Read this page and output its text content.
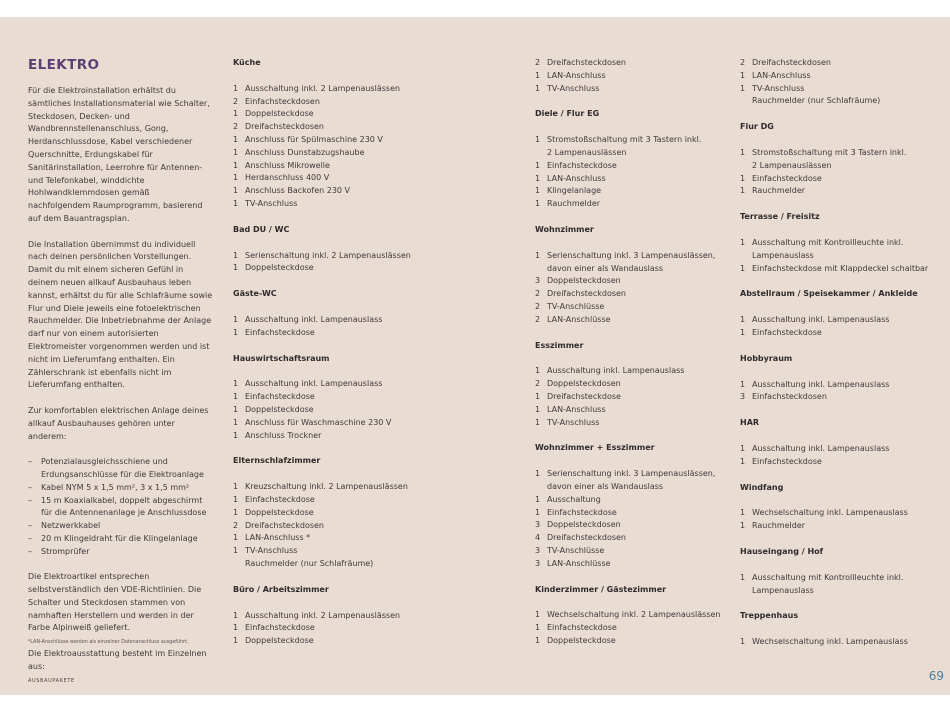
ELEKTRO

Für die Elektroinstallation erhältst du sämtliches Installationsmaterial wie Schalter, Steckdosen, Decken- und Wandbrennstellenanschluss, Gong, Herdanschlussdose, Kabel verschiedener Querschnitte, Erdungskabel für Sanitärinstallation, Leerrohre für Antennen- und Telefonkabel, winddichte Hohlwandklemmdosen gemäß nachfolgendem Raumprogramm, basierend auf dem Bauantragsplan.

Die Installation übernimmst du individuell nach deinen persönlichen Vorstellungen. Damit du mit einem sicheren Gefühl in deinem neuen allkauf Ausbauhaus leben kannst, erhältst du für alle Schlafräume sowie Flur und Diele jeweils eine fotoelektrischen Rauchmelder. Die Inbetriebnahme der Anlage darf nur von einem autorisierten Elektromeister vorgenommen werden und ist nicht im Lieferumfang enthalten. Ein Zählerschrank ist ebenfalls nicht im Lieferumfang enthalten.

Zur komfortablen elektrischen Anlage deines allkauf Ausbauhauses gehören unter anderem:

–	Potenzialausgleichsschiene und Erdungsanschlüsse für die Elektroanlage
–	Kabel NYM 5 x 1,5 mm², 3 x 1,5 mm²
–	15 m Koaxialkabel, doppelt abgeschirmt für die Antennenanlage je Anschlussdose
–	Netzwerkkabel
–	20 m Klingeldraht für die Klingelanlage
–	Stromprüfer

Die Elektroartikel entsprechen selbstverständlich den VDE-Richtlinien. Die Schalter und Steckdosen stammen von namhaften Herstellern und werden in der Farbe Alpinweiß geliefert.

Die Elektroausstattung besteht im Einzelnen aus:

Küche
1 Ausschaltung inkl. 2 Lampenauslässen
2 Einfachsteckdosen
1 Doppelsteckdose
2 Dreifachsteckdosen
1 Anschluss für Spülmaschine 230 V
1 Anschluss Dunstabzugshaube
1 Anschluss Mikrowelle
1 Herdanschluss 400 V
1 Anschluss Backofen 230 V
1 TV-Anschluss
Bad DU / WC
1 Serienschaltung inkl. 2 Lampenauslässen
1 Doppelsteckdose
Gäste-WC
1 Ausschaltung inkl. Lampenauslass
1 Einfachsteckdose
Hauswirtschaftsraum
1 Ausschaltung inkl. Lampenauslass
1 Einfachsteckdose
1 Doppelsteckdose
1 Anschluss für Waschmaschine 230 V
1 Anschluss Trockner
Elternschlafzimmer
1 Kreuzschaltung inkl. 2 Lampenauslässen
1 Einfachsteckdose
1 Doppelsteckdose
2 Dreifachsteckdosen
1 LAN-Anschluss *
1 TV-Anschluss
Rauchmelder (nur Schlafräume)
Büro / Arbeitszimmer
1 Ausschaltung inkl. 2 Lampenauslässen
1 Einfachsteckdose
1 Doppelsteckdose
2 Dreifachsteckdosen
1 LAN-Anschluss
1 TV-Anschluss
Diele / Flur EG
1 Stromstoßschaltung mit 3 Tastern inkl.
2 Lampenauslässen
1 Einfachsteckdose
1 LAN-Anschluss
1 Klingelanlage
1 Rauchmelder
Wohnzimmer
1 Serienschaltung inkl. 3 Lampenauslässen,
davon einer als Wandauslass
3 Doppelsteckdosen
2 Dreifachsteckdosen
2 TV-Anschlüsse
2 LAN-Anschlüsse
Esszimmer
1 Ausschaltung inkl. Lampenauslass
2 Doppelsteckdosen
1 Dreifachsteckdose
1 LAN-Anschluss
1 TV-Anschluss
Wohnzimmer + Esszimmer
1 Serienschaltung inkl. 3 Lampenauslässen,
davon einer als Wandauslass
1 Ausschaltung
1 Einfachsteckdose
3 Doppelsteckdosen
4 Dreifachsteckdosen
3 TV-Anschlüsse
3 LAN-Anschlüsse
Kinderzimmer / Gästezimmer
1 Wechselschaltung inkl. 2 Lampenauslässen
1 Einfachsteckdose
1 Doppelsteckdose
2 Dreifachsteckdosen
1 LAN-Anschluss
1 TV-Anschluss
Rauchmelder (nur Schlafräume)
Flur DG
1 Stromstoßschaltung mit 3 Tastern inkl.
2 Lampenauslässen
1 Einfachsteckdose
1 Rauchmelder
Terrasse / Freisitz
1 Ausschaltung mit Kontrollleuchte inkl.
Lampenauslass
1 Einfachsteckdose mit Klappdeckel schaltbar
Abstellraum / Speisekammer / Ankleide
1 Ausschaltung inkl. Lampenauslass
1 Einfachsteckdose
Hobbyraum
1 Ausschaltung inkl. Lampenauslass
3 Einfachsteckdosen
HAR
1 Ausschaltung inkl. Lampenauslass
1 Einfachsteckdose
Windfang
1 Wechselschaltung inkl. Lampenauslass
1 Rauchmelder
Hauseingang / Hof
1 Ausschaltung mit Kontrollleuchte inkl.
Lampenauslass
Treppenhaus
1 Wechselschaltung inkl. Lampenauslass
*LAN-Anschlüsse werden als einzelner Datenanschluss ausgeführt.
AUSBAUPAKETE	69
